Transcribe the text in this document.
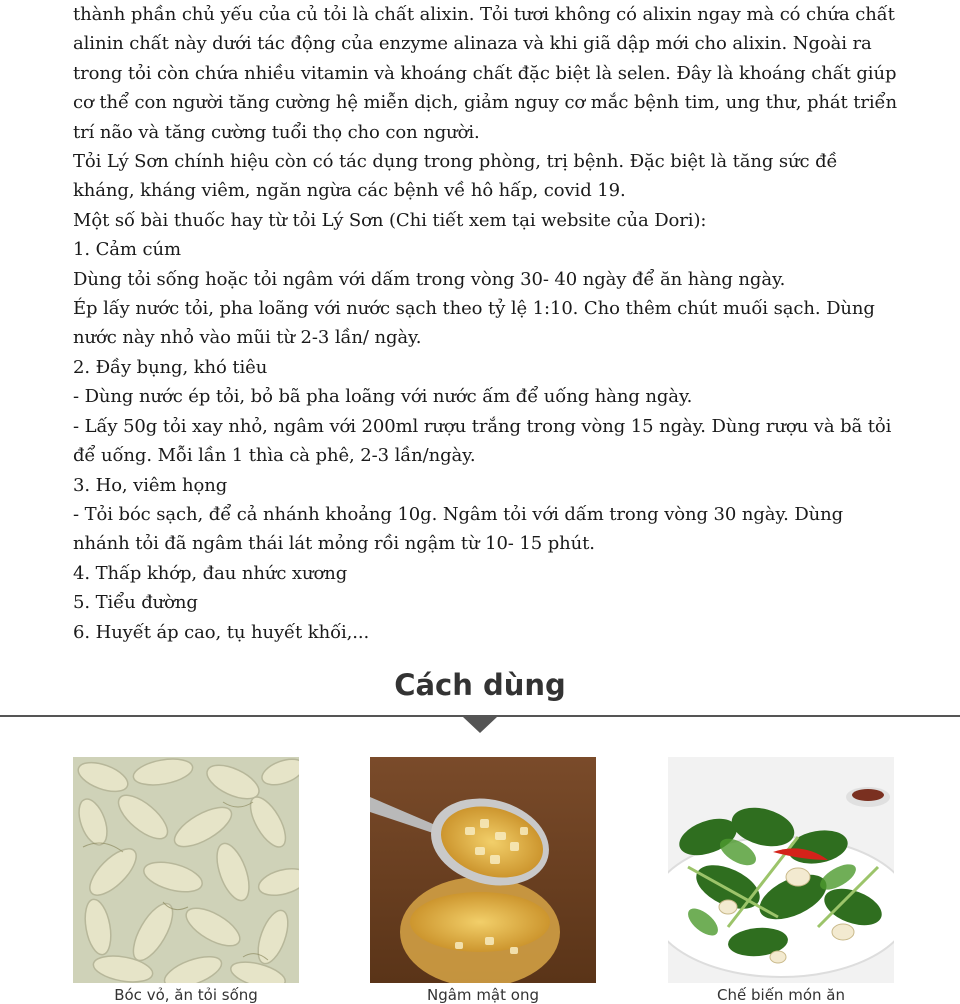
thành phần chủ yếu của củ tỏi là chất alixin. Tỏi tươi không có alixin ngay mà có chứa chất alinin chất này dưới tác động của enzyme alinaza và khi giã dập mới cho alixin. Ngoài ra trong tỏi còn chứa nhiều vitamin và khoáng chất đặc biệt là selen. Đây là khoáng chất giúp cơ thể con người tăng cường hệ miễn dịch, giảm nguy cơ mắc bệnh tim, ung thư, phát triển trí não và tăng cường tuổi thọ cho con người.

Tỏi Lý Sơn chính hiệu còn có tác dụng trong phòng, trị bệnh. Đặc biệt là tăng sức đề kháng, kháng viêm, ngăn ngừa các bệnh về hô hấp, covid 19.

Một số bài thuốc hay từ tỏi Lý Sơn (Chi tiết xem tại website của Dori):

1. Cảm cúm

Dùng tỏi sống hoặc tỏi ngâm với dấm trong vòng 30- 40 ngày để ăn hàng ngày.

Ép lấy nước tỏi, pha loãng với nước sạch theo tỷ lệ 1:10. Cho thêm chút muối sạch. Dùng nước này nhỏ vào mũi từ 2-3 lần/ ngày.

2. Đầy bụng, khó tiêu

- Dùng nước ép tỏi, bỏ bã pha loãng với nước ấm để uống hàng ngày.

- Lấy 50g tỏi xay nhỏ, ngâm với 200ml rượu trắng trong vòng 15 ngày. Dùng rượu và bã tỏi để uống. Mỗi lần 1 thìa cà phê, 2-3 lần/ngày.

3. Ho, viêm họng

- Tỏi bóc sạch, để cả nhánh khoảng 10g. Ngâm tỏi với dấm trong vòng 30 ngày. Dùng nhánh tỏi đã ngâm thái lát mỏng rồi ngậm từ 10- 15 phút.

4. Thấp khớp, đau nhức xương

5. Tiểu đường

6. Huyết áp cao, tụ huyết khối,...

Cách dùng
Bóc vỏ, ăn tỏi sống	Ngâm mật ong	Chế biến món ăn
